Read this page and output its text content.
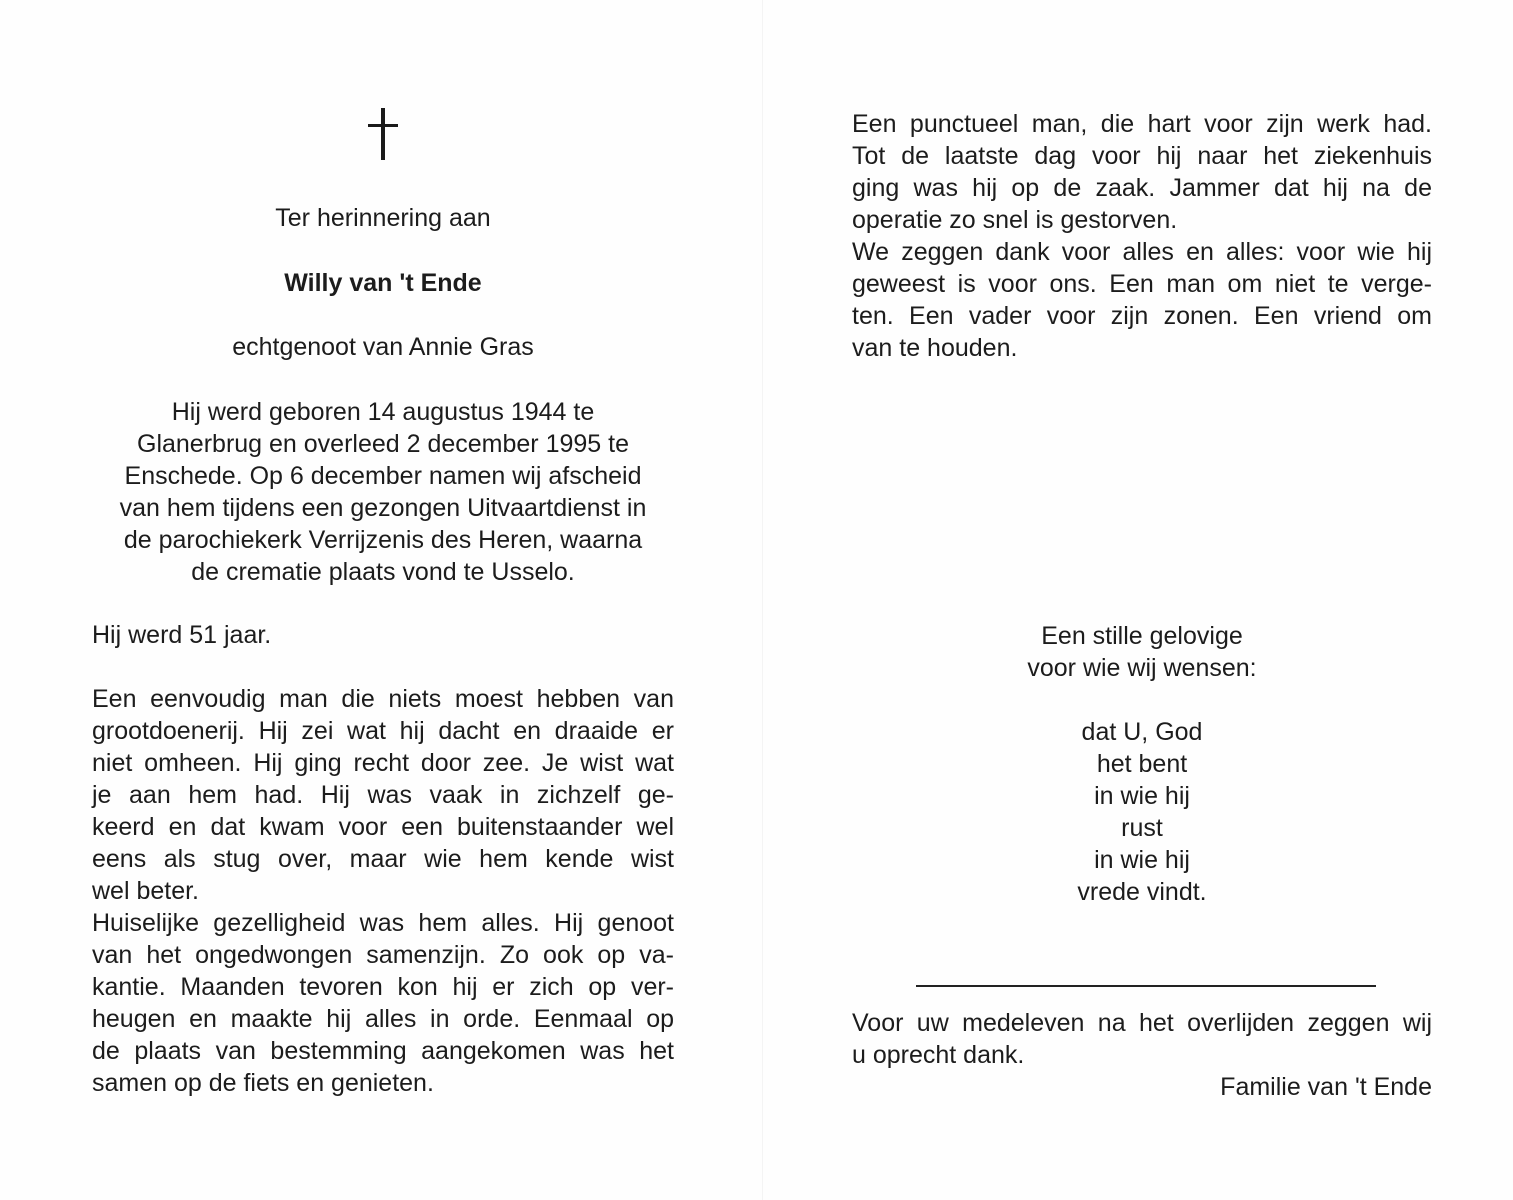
Ter herinnering aan
Willy van 't Ende
echtgenoot van Annie Gras
Hij werd geboren 14 augustus 1944 te
Glanerbrug en overleed 2 december 1995 te
Enschede. Op 6 december namen wij afscheid
van hem tijdens een gezongen Uitvaartdienst in
de parochiekerk Verrijzenis des Heren, waarna
de crematie plaats vond te Usselo.
Hij werd 51 jaar.
Een eenvoudig man die niets moest hebben van
grootdoenerij. Hij zei wat hij dacht en draaide er
niet omheen. Hij ging recht door zee. Je wist wat
je aan hem had. Hij was vaak in zichzelf ge-
keerd en dat kwam voor een buitenstaander wel
eens als stug over, maar wie hem kende wist
wel beter.
Huiselijke gezelligheid was hem alles. Hij genoot
van het ongedwongen samenzijn. Zo ook op va-
kantie. Maanden tevoren kon hij er zich op ver-
heugen en maakte hij alles in orde. Eenmaal op
de plaats van bestemming aangekomen was het
samen op de fiets en genieten.
Een punctueel man, die hart voor zijn werk had.
Tot de laatste dag voor hij naar het ziekenhuis
ging was hij op de zaak. Jammer dat hij na de
operatie zo snel is gestorven.
We zeggen dank voor alles en alles: voor wie hij
geweest is voor ons. Een man om niet te verge-
ten. Een vader voor zijn zonen. Een vriend om
van te houden.
Een stille gelovige
voor wie wij wensen:
dat U, God
het bent
in wie hij
rust
in wie hij
vrede vindt.
Voor uw medeleven na het overlijden zeggen wij
u oprecht dank.
Familie van 't Ende
